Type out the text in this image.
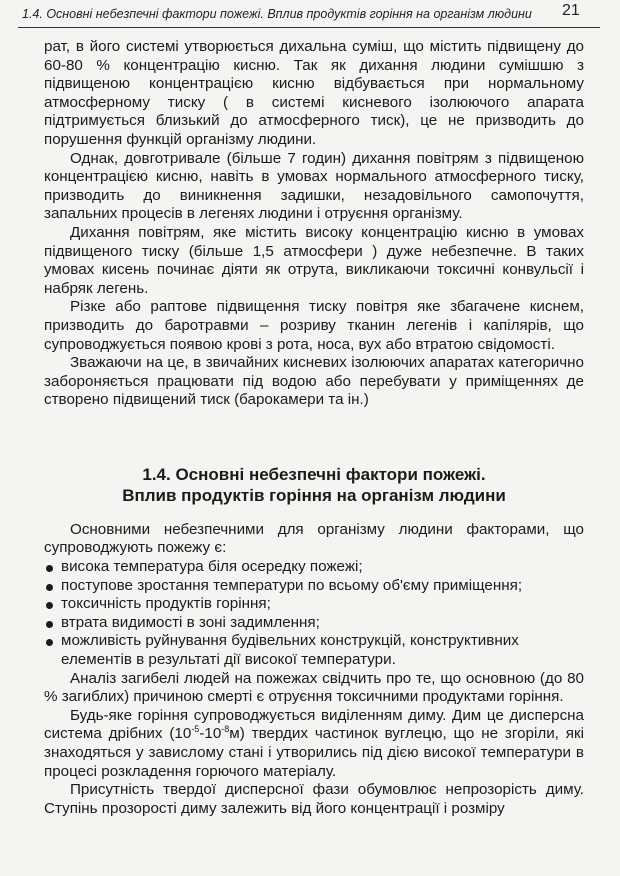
1.4. Основні небезпечні фактори пожежі. Вплив продуктів горіння на організм людини 21

рат, в його системі утворюється дихальна суміш, що містить підвищену до 60-80 % концентрацію кисню. Так як дихання людини сумішшю з підвищеною концентрацією кисню відбувається при нормальному атмосферному тиску ( в системі кисневого ізолюючого апарата підтримується близький до атмосферного тиск), це не призводить до порушення функцій організму людини.

Однак, довготривале (більше 7 годин) дихання повітрям з підвищеною концентрацією кисню, навіть в умовах нормального атмосферного тиску, призводить до виникнення задишки, незадовільного самопочуття, запальних процесів в легенях людини і отруєння організму.

Дихання повітрям, яке містить високу концентрацію кисню в умовах підвищеного тиску (більше 1,5 атмосфери ) дуже небезпечне. В таких умовах кисень починає діяти як отрута, викликаючи токсичні конвульсії і набряк легень.

Різке або раптове підвищення тиску повітря яке збагачене киснем, призводить до баротравми – розриву тканин легенів і капілярів, що супроводжується появою крові з рота, носа, вух або втратою свідомості.

Зважаючи на це, в звичайних кисневих ізолюючих апаратах категорично забороняється працювати під водою або перебувати у приміщеннях де створено підвищений тиск (барокамери та ін.)

1.4. Основні небезпечні фактори пожежі.
Вплив продуктів горіння на організм людини

Основними небезпечними для організму людини факторами, що супроводжують пожежу є:

висока температура біля осередку пожежі;
поступове зростання температури по всьому об'єму приміщення;
токсичність продуктів горіння;
втрата видимості в зоні задимлення;
можливість руйнування будівельних конструкцій, конструктивних елементів в результаті дії високої температури.

Аналіз загибелі людей на пожежах свідчить про те, що основною (до 80 % загиблих) причиною смерті є отруєння токсичними продуктами горіння.

Будь-яке горіння супроводжується виділенням диму. Дим це дисперсна система дрібних $(10^{-5}-10^{-8}м)$ твердих частинок вуглецю, що не згоріли, які знаходяться у завислому стані і утворились під дією високої температури в процесі розкладення горючого матеріалу.

Присутність твердої дисперсної фази обумовлює непрозорість диму. Ступінь прозорості диму залежить від його концентрації і розміру
